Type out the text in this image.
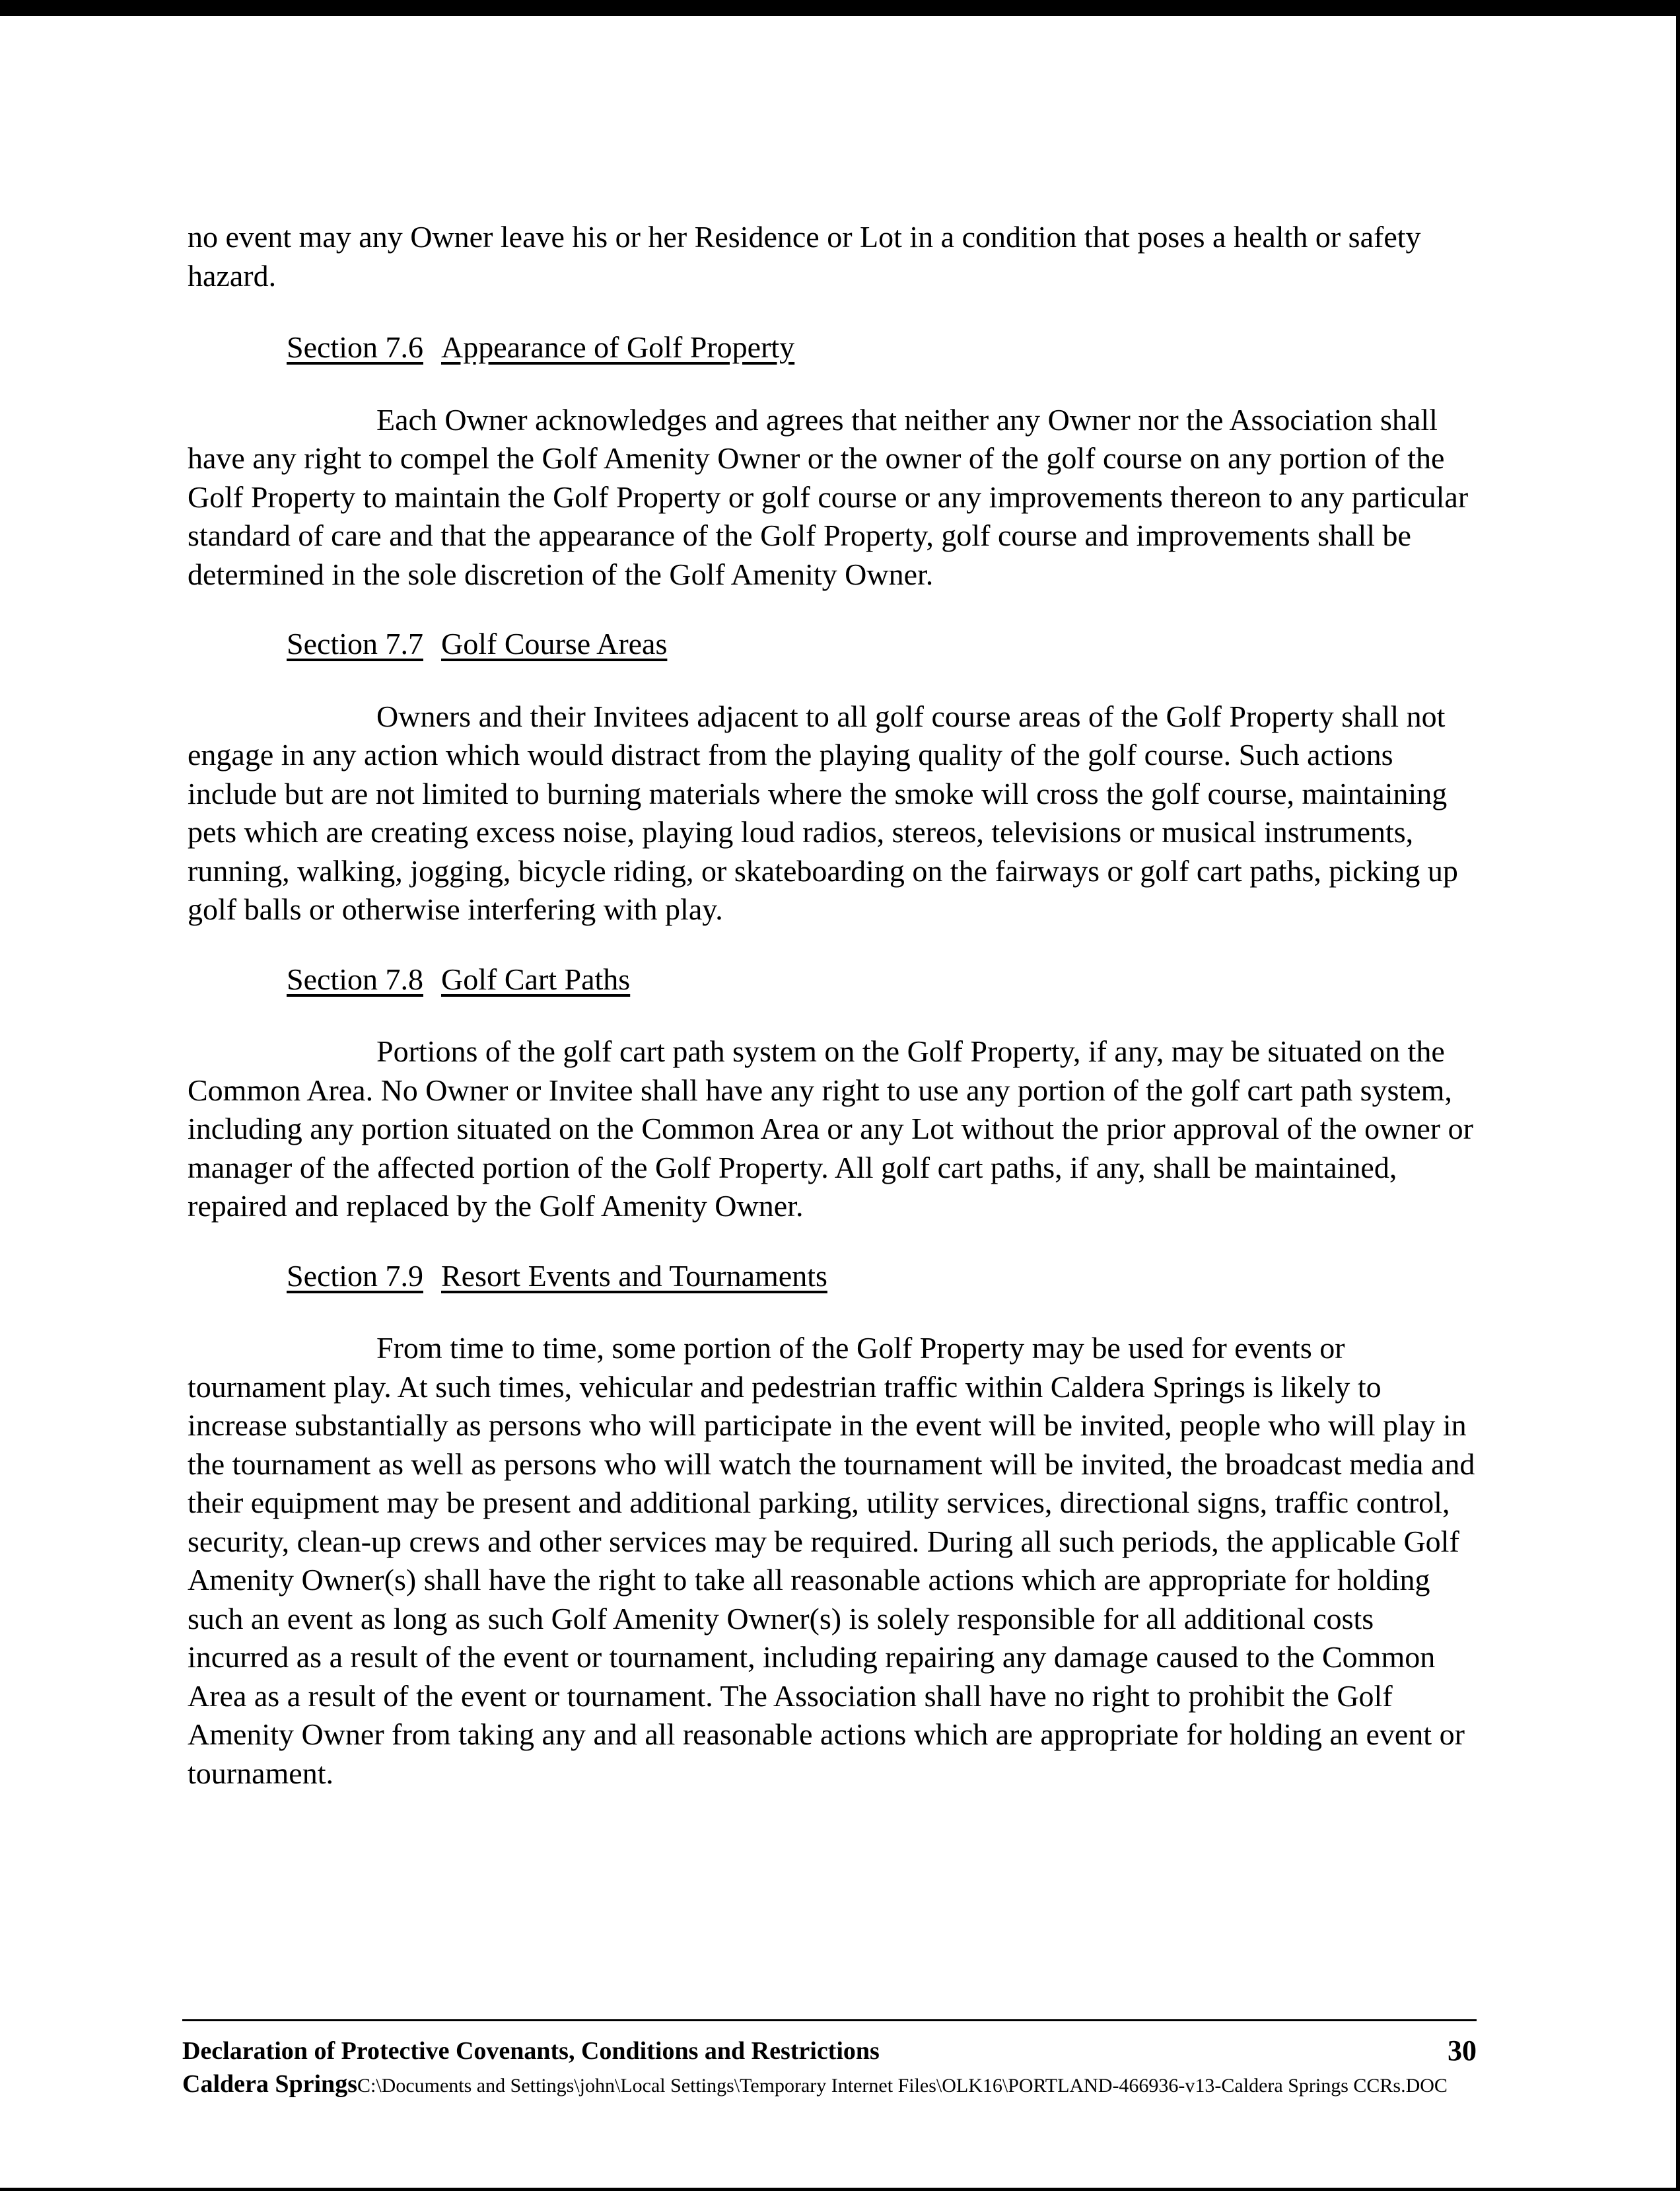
no event may any Owner leave his or her Residence or Lot in a condition that poses a health or safety hazard.

Section 7.6 Appearance of Golf Property

Each Owner acknowledges and agrees that neither any Owner nor the Association shall have any right to compel the Golf Amenity Owner or the owner of the golf course on any portion of the Golf Property to maintain the Golf Property or golf course or any improvements thereon to any particular standard of care and that the appearance of the Golf Property, golf course and improvements shall be determined in the sole discretion of the Golf Amenity Owner.

Section 7.7 Golf Course Areas

Owners and their Invitees adjacent to all golf course areas of the Golf Property shall not engage in any action which would distract from the playing quality of the golf course. Such actions include but are not limited to burning materials where the smoke will cross the golf course, maintaining pets which are creating excess noise, playing loud radios, stereos, televisions or musical instruments, running, walking, jogging, bicycle riding, or skateboarding on the fairways or golf cart paths, picking up golf balls or otherwise interfering with play.

Section 7.8 Golf Cart Paths

Portions of the golf cart path system on the Golf Property, if any, may be situated on the Common Area. No Owner or Invitee shall have any right to use any portion of the golf cart path system, including any portion situated on the Common Area or any Lot without the prior approval of the owner or manager of the affected portion of the Golf Property. All golf cart paths, if any, shall be maintained, repaired and replaced by the Golf Amenity Owner.

Section 7.9 Resort Events and Tournaments

From time to time, some portion of the Golf Property may be used for events or tournament play. At such times, vehicular and pedestrian traffic within Caldera Springs is likely to increase substantially as persons who will participate in the event will be invited, people who will play in the tournament as well as persons who will watch the tournament will be invited, the broadcast media and their equipment may be present and additional parking, utility services, directional signs, traffic control, security, clean-up crews and other services may be required. During all such periods, the applicable Golf Amenity Owner(s) shall have the right to take all reasonable actions which are appropriate for holding such an event as long as such Golf Amenity Owner(s) is solely responsible for all additional costs incurred as a result of the event or tournament, including repairing any damage caused to the Common Area as a result of the event or tournament. The Association shall have no right to prohibit the Golf Amenity Owner from taking any and all reasonable actions which are appropriate for holding an event or tournament.

Declaration of Protective Covenants, Conditions and Restrictions	30
Caldera SpringsC:\Documents and Settings\john\Local Settings\Temporary Internet Files\OLK16\PORTLAND-466936-v13-Caldera Springs CCRs.DOC
